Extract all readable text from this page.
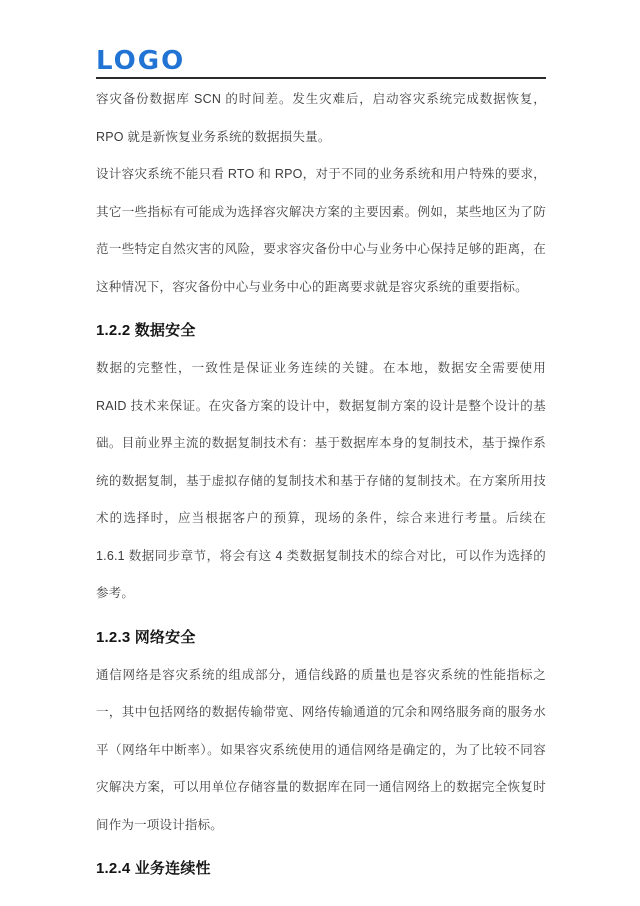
LOGO

容灾备份数据库 SCN 的时间差。发生灾难后，启动容灾系统完成数据恢复，RPO 就是新恢复业务系统的数据损失量。

设计容灾系统不能只看 RTO 和 RPO，对于不同的业务系统和用户特殊的要求，其它一些指标有可能成为选择容灾解决方案的主要因素。例如，某些地区为了防范一些特定自然灾害的风险，要求容灾备份中心与业务中心保持足够的距离，在这种情况下，容灾备份中心与业务中心的距离要求就是容灾系统的重要指标。

1.2.2 数据安全

数据的完整性，一致性是保证业务连续的关键。在本地，数据安全需要使用 RAID 技术来保证。在灾备方案的设计中，数据复制方案的设计是整个设计的基础。目前业界主流的数据复制技术有：基于数据库本身的复制技术，基于操作系统的数据复制，基于虚拟存储的复制技术和基于存储的复制技术。在方案所用技术的选择时，应当根据客户的预算，现场的条件，综合来进行考量。后续在 1.6.1 数据同步章节，将会有这 4 类数据复制技术的综合对比，可以作为选择的参考。

1.2.3 网络安全

通信网络是容灾系统的组成部分，通信线路的质量也是容灾系统的性能指标之一，其中包括网络的数据传输带宽、网络传输通道的冗余和网络服务商的服务水平（网络年中断率）。如果容灾系统使用的通信网络是确定的，为了比较不同容灾解决方案，可以用单位存储容量的数据库在同一通信网络上的数据完全恢复时间作为一项设计指标。

1.2.4 业务连续性
